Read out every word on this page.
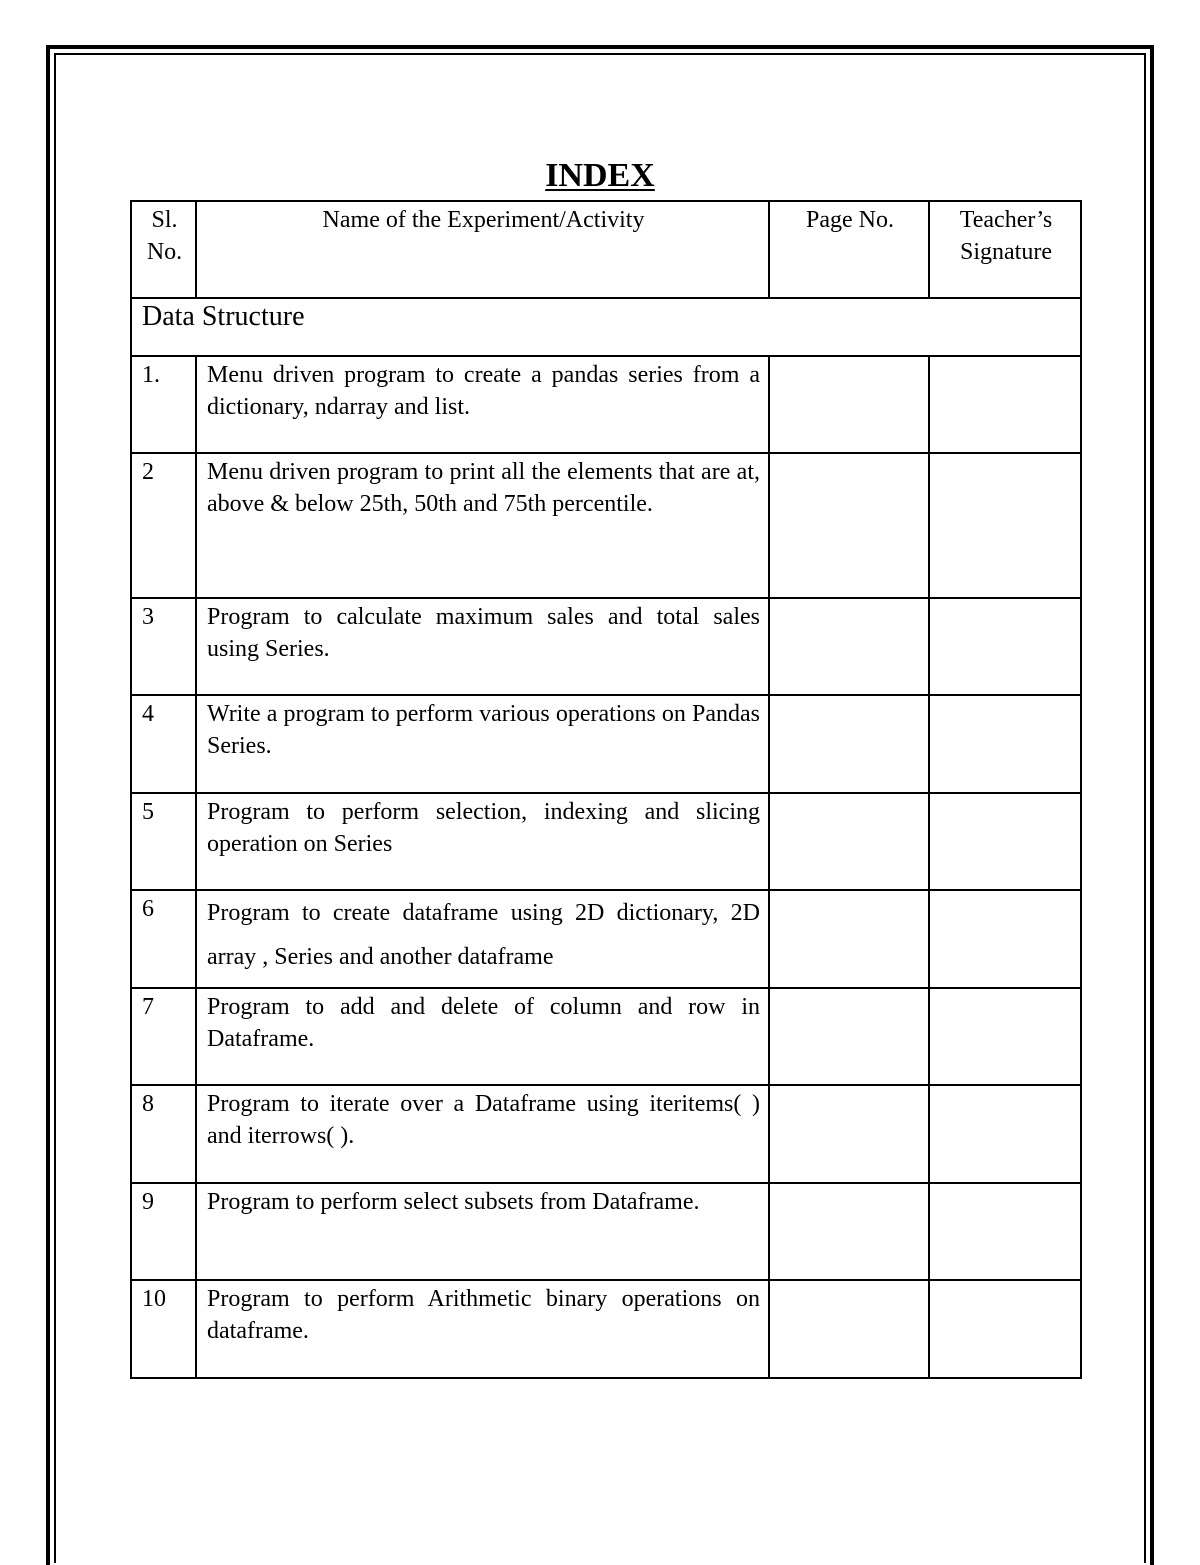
INDEX
Sl. No.	Name of the Experiment/Activity	Page No.	Teacher’s Signature
Data Structure			
1.	Menu driven program to create a pandas series from a dictionary, ndarray and list.		
2	Menu driven program to print all the elements that are at, above & below 25th, 50th and 75th percentile.		
3	Program to calculate maximum sales and total sales using Series.		
4	Write a program to perform various operations on Pandas Series.		
5	Program to perform selection, indexing and slicing operation on Series		
6	Program to create dataframe using 2D dictionary, 2D array , Series and another dataframe		
7	Program to add and delete of column and row in Dataframe.		
8	Program to iterate over a Dataframe using iteritems( ) and iterrows( ).		
9	Program to perform select subsets from Dataframe.		
10	Program to perform Arithmetic binary operations on dataframe.		
